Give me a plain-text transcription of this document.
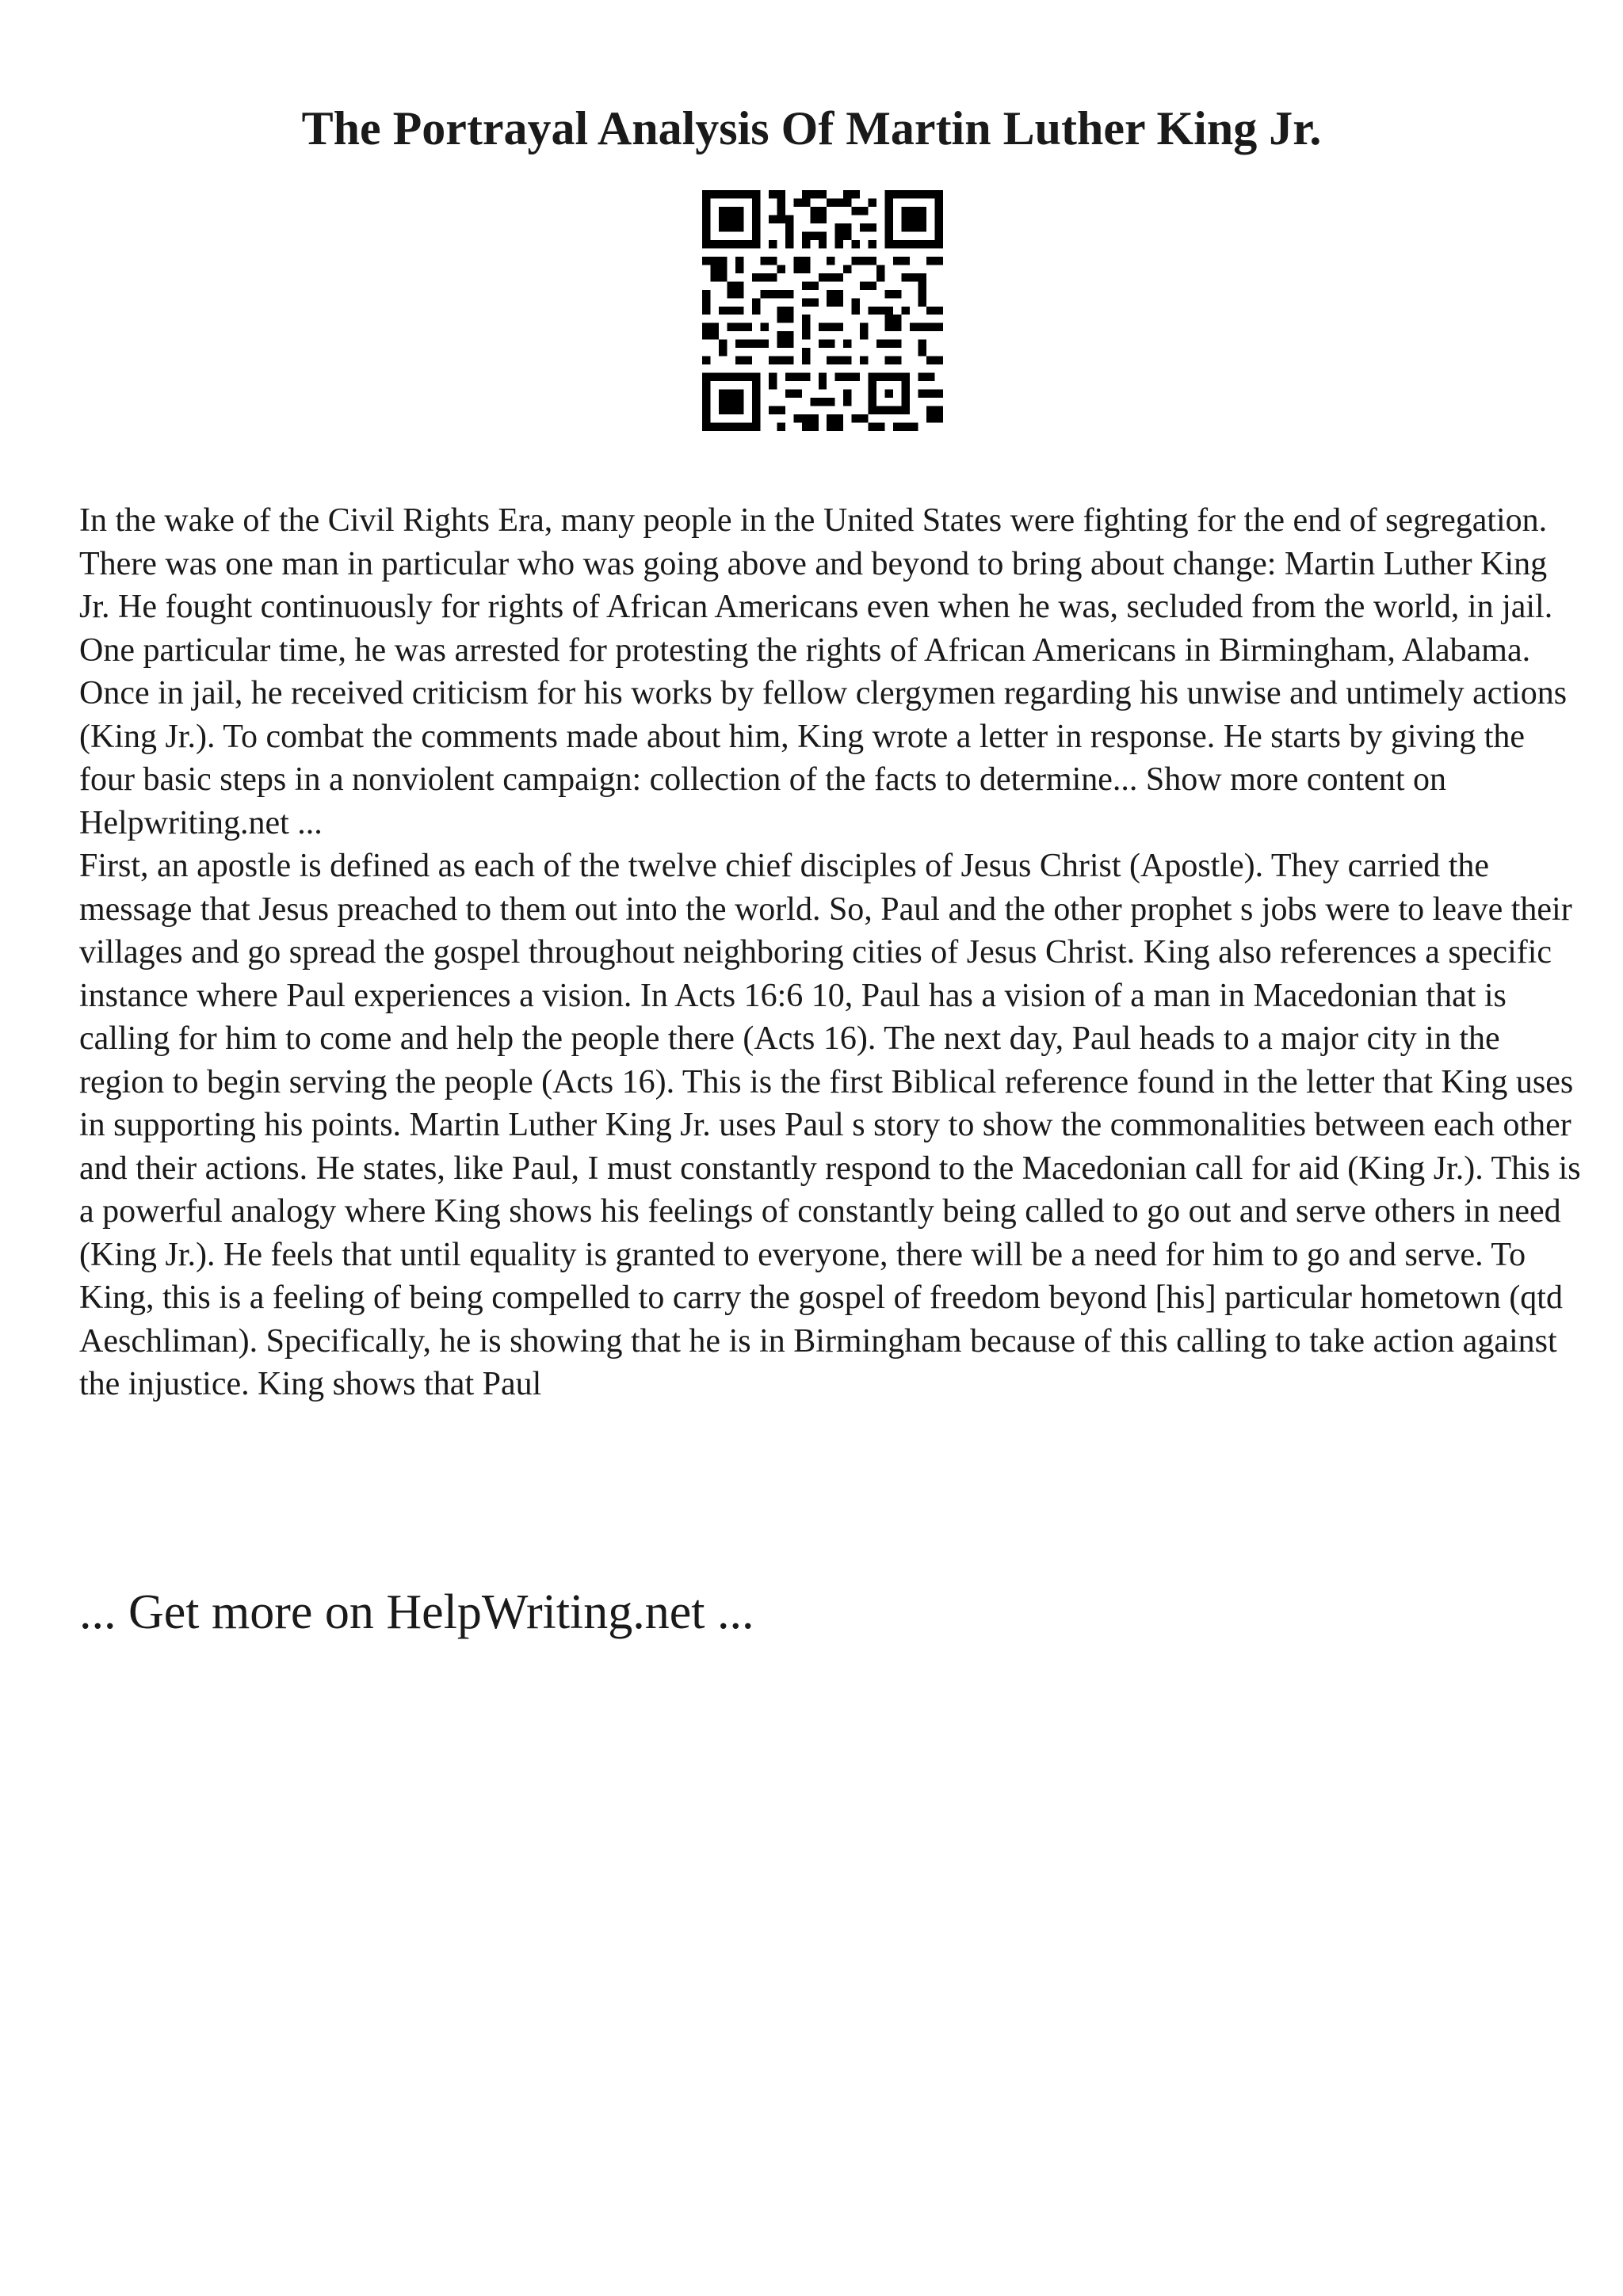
The Portrayal Analysis Of Martin Luther King Jr.

In the wake of the Civil Rights Era, many people in the United States were fighting for the end of segregation. There was one man in particular who was going above and beyond to bring about change: Martin Luther King Jr. He fought continuously for rights of African Americans even when he was, secluded from the world, in jail. One particular time, he was arrested for protesting the rights of African Americans in Birmingham, Alabama. Once in jail, he received criticism for his works by fellow clergymen regarding his unwise and untimely actions (King Jr.). To combat the comments made about him, King wrote a letter in response. He starts by giving the four basic steps in a nonviolent campaign: collection of the facts to determine... Show more content on Helpwriting.net ...

First, an apostle is defined as each of the twelve chief disciples of Jesus Christ (Apostle). They carried the message that Jesus preached to them out into the world. So, Paul and the other prophet s jobs were to leave their villages and go spread the gospel throughout neighboring cities of Jesus Christ. King also references a specific instance where Paul experiences a vision. In Acts 16:6 10, Paul has a vision of a man in Macedonian that is calling for him to come and help the people there (Acts 16). The next day, Paul heads to a major city in the region to begin serving the people (Acts 16). This is the first Biblical reference found in the letter that King uses in supporting his points. Martin Luther King Jr. uses Paul s story to show the commonalities between each other and their actions. He states, like Paul, I must constantly respond to the Macedonian call for aid (King Jr.). This is a powerful analogy where King shows his feelings of constantly being called to go out and serve others in need (King Jr.). He feels that until equality is granted to everyone, there will be a need for him to go and serve. To King, this is a feeling of being compelled to carry the gospel of freedom beyond [his] particular hometown (qtd Aeschliman). Specifically, he is showing that he is in Birmingham because of this calling to take action against the injustice. King shows that Paul

... Get more on HelpWriting.net ...
